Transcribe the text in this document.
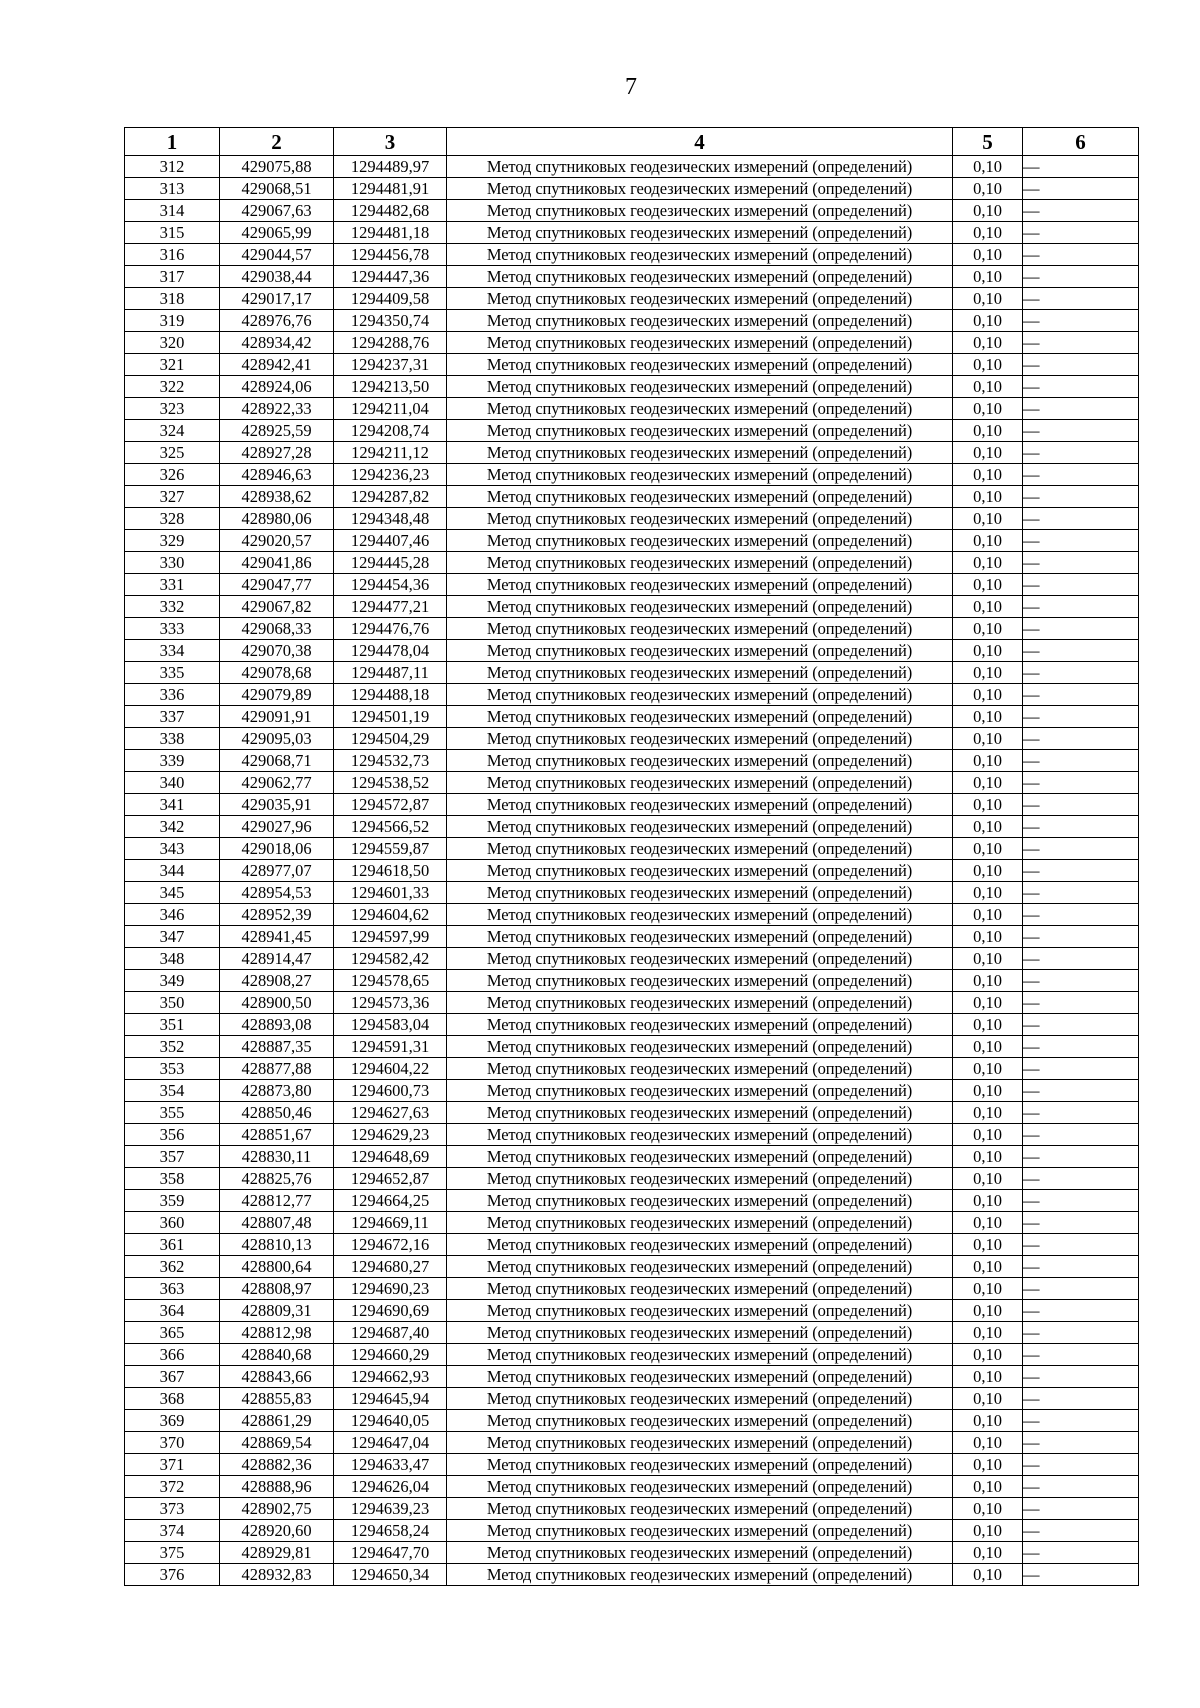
7
1	2	3	4	5	6
312	429075,88	1294489,97	Метод спутниковых геодезических измерений (определений)	0,10	—
313	429068,51	1294481,91	Метод спутниковых геодезических измерений (определений)	0,10	—
314	429067,63	1294482,68	Метод спутниковых геодезических измерений (определений)	0,10	—
315	429065,99	1294481,18	Метод спутниковых геодезических измерений (определений)	0,10	—
316	429044,57	1294456,78	Метод спутниковых геодезических измерений (определений)	0,10	—
317	429038,44	1294447,36	Метод спутниковых геодезических измерений (определений)	0,10	—
318	429017,17	1294409,58	Метод спутниковых геодезических измерений (определений)	0,10	—
319	428976,76	1294350,74	Метод спутниковых геодезических измерений (определений)	0,10	—
320	428934,42	1294288,76	Метод спутниковых геодезических измерений (определений)	0,10	—
321	428942,41	1294237,31	Метод спутниковых геодезических измерений (определений)	0,10	—
322	428924,06	1294213,50	Метод спутниковых геодезических измерений (определений)	0,10	—
323	428922,33	1294211,04	Метод спутниковых геодезических измерений (определений)	0,10	—
324	428925,59	1294208,74	Метод спутниковых геодезических измерений (определений)	0,10	—
325	428927,28	1294211,12	Метод спутниковых геодезических измерений (определений)	0,10	—
326	428946,63	1294236,23	Метод спутниковых геодезических измерений (определений)	0,10	—
327	428938,62	1294287,82	Метод спутниковых геодезических измерений (определений)	0,10	—
328	428980,06	1294348,48	Метод спутниковых геодезических измерений (определений)	0,10	—
329	429020,57	1294407,46	Метод спутниковых геодезических измерений (определений)	0,10	—
330	429041,86	1294445,28	Метод спутниковых геодезических измерений (определений)	0,10	—
331	429047,77	1294454,36	Метод спутниковых геодезических измерений (определений)	0,10	—
332	429067,82	1294477,21	Метод спутниковых геодезических измерений (определений)	0,10	—
333	429068,33	1294476,76	Метод спутниковых геодезических измерений (определений)	0,10	—
334	429070,38	1294478,04	Метод спутниковых геодезических измерений (определений)	0,10	—
335	429078,68	1294487,11	Метод спутниковых геодезических измерений (определений)	0,10	—
336	429079,89	1294488,18	Метод спутниковых геодезических измерений (определений)	0,10	—
337	429091,91	1294501,19	Метод спутниковых геодезических измерений (определений)	0,10	—
338	429095,03	1294504,29	Метод спутниковых геодезических измерений (определений)	0,10	—
339	429068,71	1294532,73	Метод спутниковых геодезических измерений (определений)	0,10	—
340	429062,77	1294538,52	Метод спутниковых геодезических измерений (определений)	0,10	—
341	429035,91	1294572,87	Метод спутниковых геодезических измерений (определений)	0,10	—
342	429027,96	1294566,52	Метод спутниковых геодезических измерений (определений)	0,10	—
343	429018,06	1294559,87	Метод спутниковых геодезических измерений (определений)	0,10	—
344	428977,07	1294618,50	Метод спутниковых геодезических измерений (определений)	0,10	—
345	428954,53	1294601,33	Метод спутниковых геодезических измерений (определений)	0,10	—
346	428952,39	1294604,62	Метод спутниковых геодезических измерений (определений)	0,10	—
347	428941,45	1294597,99	Метод спутниковых геодезических измерений (определений)	0,10	—
348	428914,47	1294582,42	Метод спутниковых геодезических измерений (определений)	0,10	—
349	428908,27	1294578,65	Метод спутниковых геодезических измерений (определений)	0,10	—
350	428900,50	1294573,36	Метод спутниковых геодезических измерений (определений)	0,10	—
351	428893,08	1294583,04	Метод спутниковых геодезических измерений (определений)	0,10	—
352	428887,35	1294591,31	Метод спутниковых геодезических измерений (определений)	0,10	—
353	428877,88	1294604,22	Метод спутниковых геодезических измерений (определений)	0,10	—
354	428873,80	1294600,73	Метод спутниковых геодезических измерений (определений)	0,10	—
355	428850,46	1294627,63	Метод спутниковых геодезических измерений (определений)	0,10	—
356	428851,67	1294629,23	Метод спутниковых геодезических измерений (определений)	0,10	—
357	428830,11	1294648,69	Метод спутниковых геодезических измерений (определений)	0,10	—
358	428825,76	1294652,87	Метод спутниковых геодезических измерений (определений)	0,10	—
359	428812,77	1294664,25	Метод спутниковых геодезических измерений (определений)	0,10	—
360	428807,48	1294669,11	Метод спутниковых геодезических измерений (определений)	0,10	—
361	428810,13	1294672,16	Метод спутниковых геодезических измерений (определений)	0,10	—
362	428800,64	1294680,27	Метод спутниковых геодезических измерений (определений)	0,10	—
363	428808,97	1294690,23	Метод спутниковых геодезических измерений (определений)	0,10	—
364	428809,31	1294690,69	Метод спутниковых геодезических измерений (определений)	0,10	—
365	428812,98	1294687,40	Метод спутниковых геодезических измерений (определений)	0,10	—
366	428840,68	1294660,29	Метод спутниковых геодезических измерений (определений)	0,10	—
367	428843,66	1294662,93	Метод спутниковых геодезических измерений (определений)	0,10	—
368	428855,83	1294645,94	Метод спутниковых геодезических измерений (определений)	0,10	—
369	428861,29	1294640,05	Метод спутниковых геодезических измерений (определений)	0,10	—
370	428869,54	1294647,04	Метод спутниковых геодезических измерений (определений)	0,10	—
371	428882,36	1294633,47	Метод спутниковых геодезических измерений (определений)	0,10	—
372	428888,96	1294626,04	Метод спутниковых геодезических измерений (определений)	0,10	—
373	428902,75	1294639,23	Метод спутниковых геодезических измерений (определений)	0,10	—
374	428920,60	1294658,24	Метод спутниковых геодезических измерений (определений)	0,10	—
375	428929,81	1294647,70	Метод спутниковых геодезических измерений (определений)	0,10	—
376	428932,83	1294650,34	Метод спутниковых геодезических измерений (определений)	0,10	—
